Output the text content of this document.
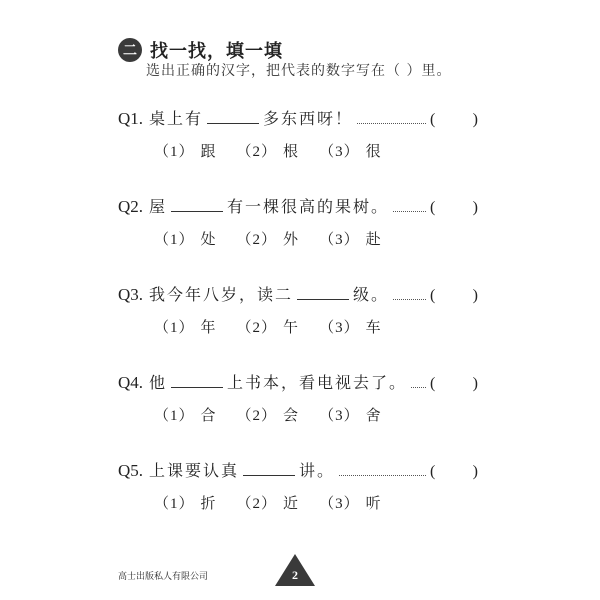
二 找一找，填一填
选出正确的汉字，把代表的数字写在（ ）里。
Q1. 桌上有	多东西呀！	( )
（1） 跟 （2） 根 （3） 很
Q2. 屋	有一棵很高的果树。	( )
（1） 处 （2） 外 （3） 赴
Q3. 我今年八岁，读二	级。	( )
（1） 年 （2） 午 （3） 车
Q4. 他	上书本，看电视去了。 ( )
（1） 合 （2） 会 （3） 舍
Q5. 上课要认真	讲。	( )
（1） 折 （2） 近 （3） 听
高士出版私人有限公司	2
